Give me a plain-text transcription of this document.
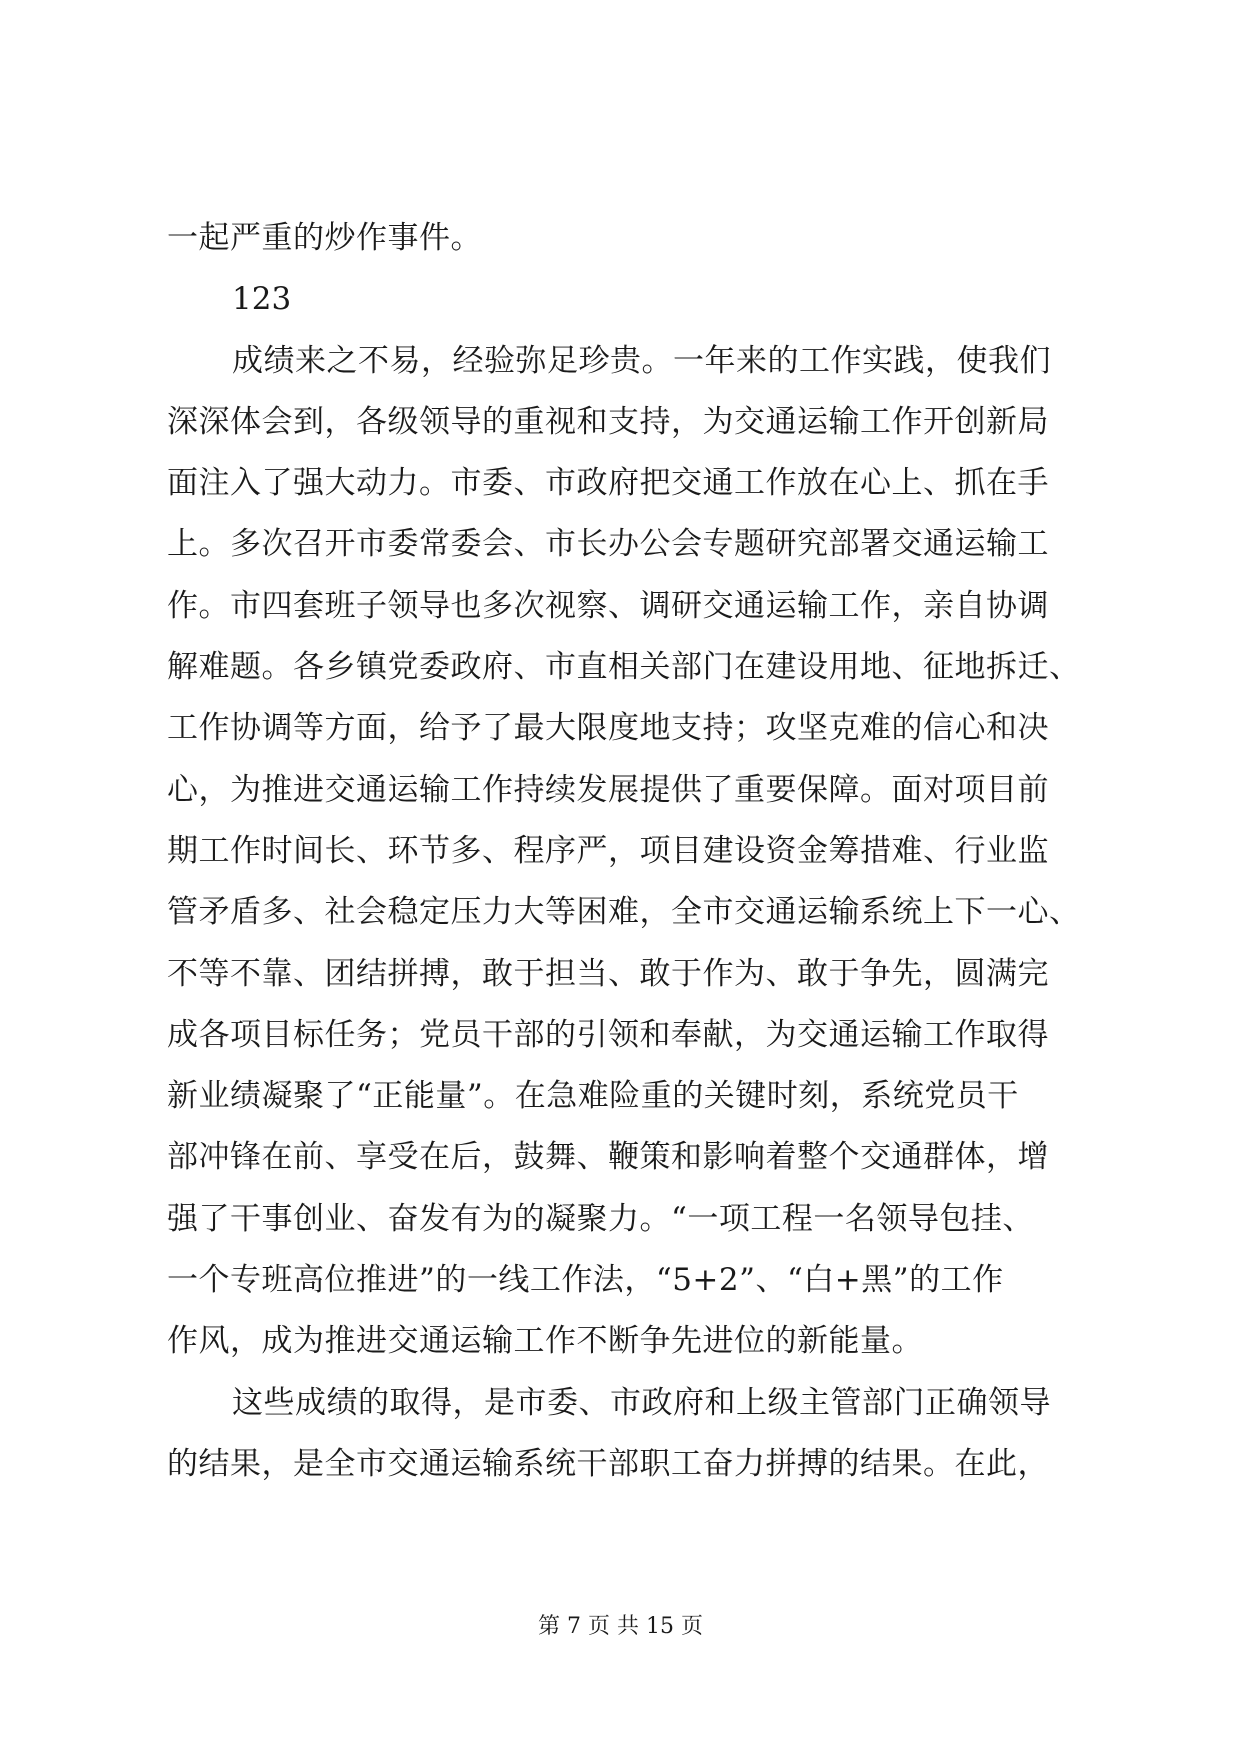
一起严重的炒作事件。
123
成绩来之不易，经验弥足珍贵。一年来的工作实践，使我们
深深体会到，各级领导的重视和支持，为交通运输工作开创新局
面注入了强大动力。市委、市政府把交通工作放在心上、抓在手
上。多次召开市委常委会、市长办公会专题研究部署交通运输工
作。市四套班子领导也多次视察、调研交通运输工作，亲自协调
解难题。各乡镇党委政府、市直相关部门在建设用地、征地拆迁、
工作协调等方面，给予了最大限度地支持；攻坚克难的信心和决
心，为推进交通运输工作持续发展提供了重要保障。面对项目前
期工作时间长、环节多、程序严，项目建设资金筹措难、行业监
管矛盾多、社会稳定压力大等困难，全市交通运输系统上下一心、
不等不靠、团结拼搏，敢于担当、敢于作为、敢于争先，圆满完
成各项目标任务；党员干部的引领和奉献，为交通运输工作取得
新业绩凝聚了“正能量”。在急难险重的关键时刻，系统党员干
部冲锋在前、享受在后，鼓舞、鞭策和影响着整个交通群体，增
强了干事创业、奋发有为的凝聚力。“一项工程一名领导包挂、
一个专班高位推进”的一线工作法，“5+2”、“白+黑”的工作
作风，成为推进交通运输工作不断争先进位的新能量。
这些成绩的取得，是市委、市政府和上级主管部门正确领导
的结果，是全市交通运输系统干部职工奋力拼搏的结果。在此，
第 7 页 共 15 页
